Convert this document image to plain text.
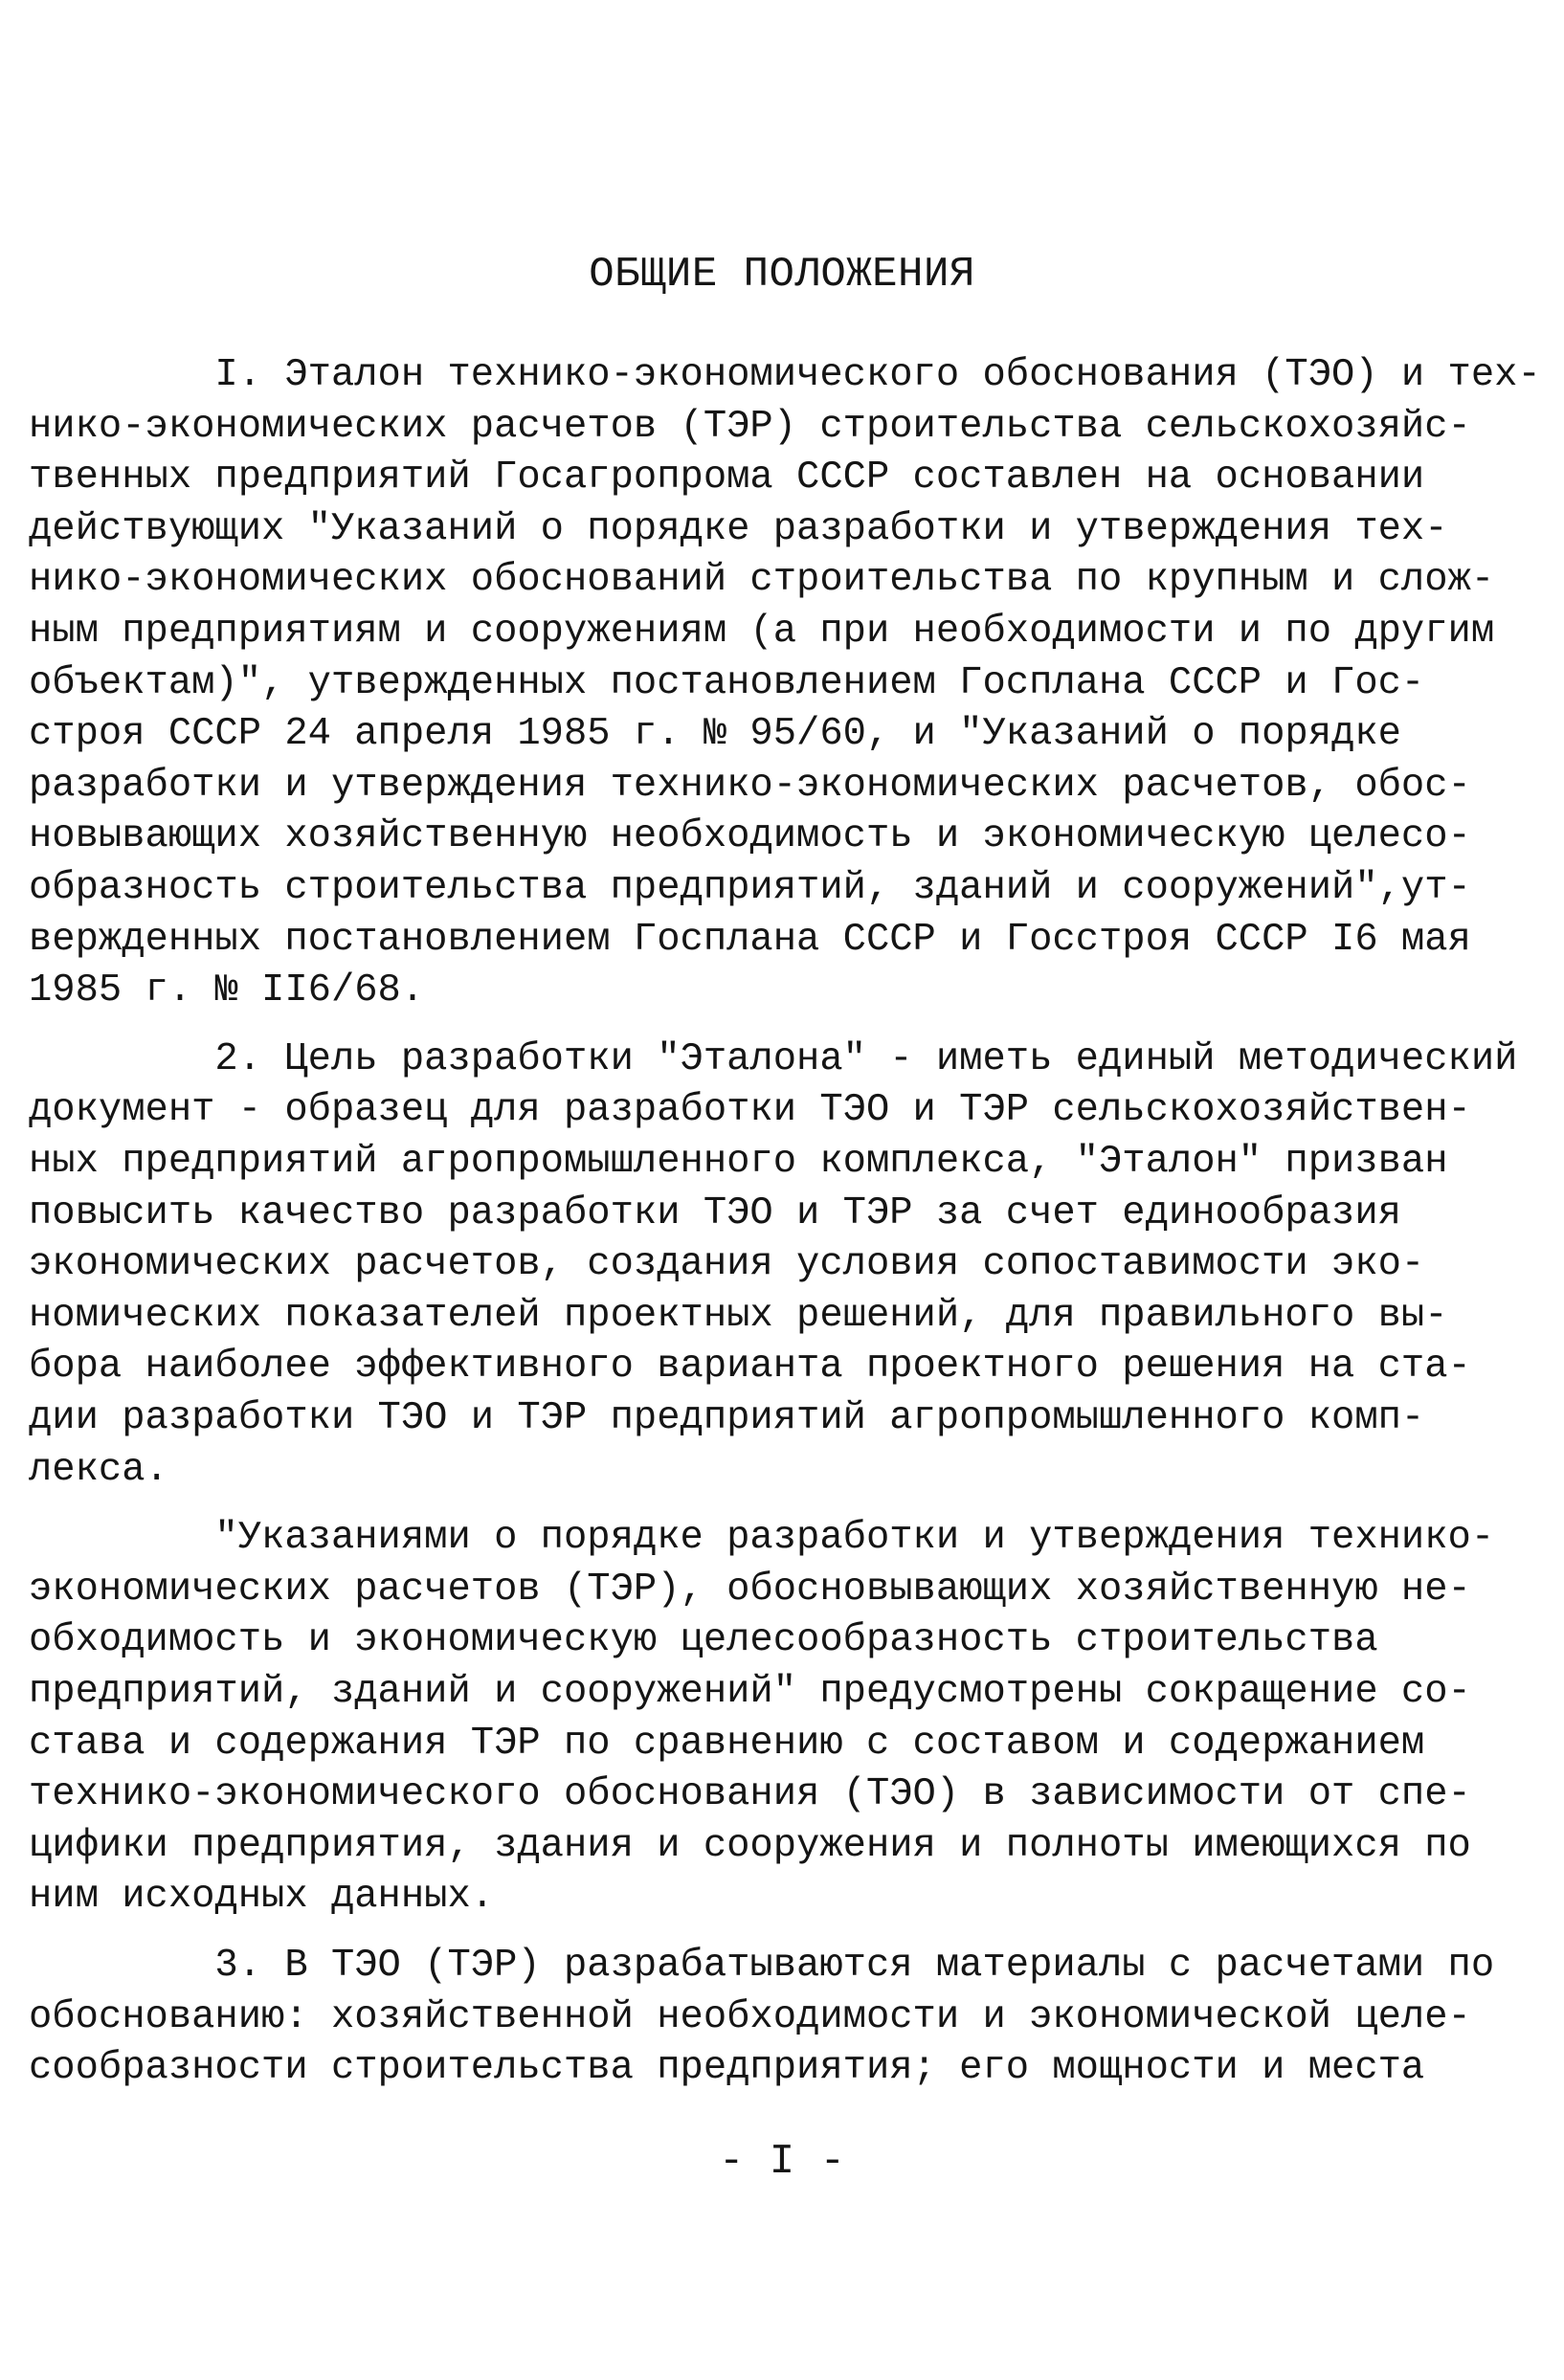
ОБЩИЕ ПОЛОЖЕНИЯ
I. Эталон технико-экономического обоснования (ТЭО) и тех-
нико-экономических расчетов (ТЭР) строительства сельскохозяйс-
твенных предприятий Госагропрома СССР составлен на основании
действующих "Указаний о порядке разработки и утверждения тех-
нико-экономических обоснований строительства по крупным и слож-
ным предприятиям и сооружениям (а при необходимости и по другим
объектам)", утвержденных постановлением Госплана СССР и Гос-
строя СССР 24 апреля 1985 г. № 95/60, и "Указаний о порядке
разработки и утверждения технико-экономических расчетов, обос-
новывающих хозяйственную необходимость и экономическую целесо-
образность строительства предприятий, зданий и сооружений",ут-
вержденных постановлением Госплана СССР и Госстроя СССР I6 мая
1985 г. № II6/68.
2. Цель разработки "Эталона" - иметь единый методический
документ - образец для разработки ТЭО и ТЭР сельскохозяйствен-
ных предприятий агропромышленного комплекса, "Эталон" призван
повысить качество разработки ТЭО и ТЭР за счет единообразия
экономических расчетов, создания условия сопоставимости эко-
номических показателей проектных решений, для правильного вы-
бора наиболее эффективного варианта проектного решения на ста-
дии разработки ТЭО и ТЭР предприятий агропромышленного комп-
лекса.
"Указаниями о порядке разработки и утверждения технико-
экономических расчетов (ТЭР), обосновывающих хозяйственную не-
обходимость и экономическую целесообразность строительства
предприятий, зданий и сооружений" предусмотрены сокращение со-
става и содержания ТЭР по сравнению с составом и содержанием
технико-экономического обоснования (ТЭО) в зависимости от спе-
цифики предприятия, здания и сооружения и полноты имеющихся по
ним исходных данных.
3. В ТЭО (ТЭР) разрабатываются материалы с расчетами по
обоснованию: хозяйственной необходимости и экономической целе-
сообразности строительства предприятия; его мощности и места
- I -
